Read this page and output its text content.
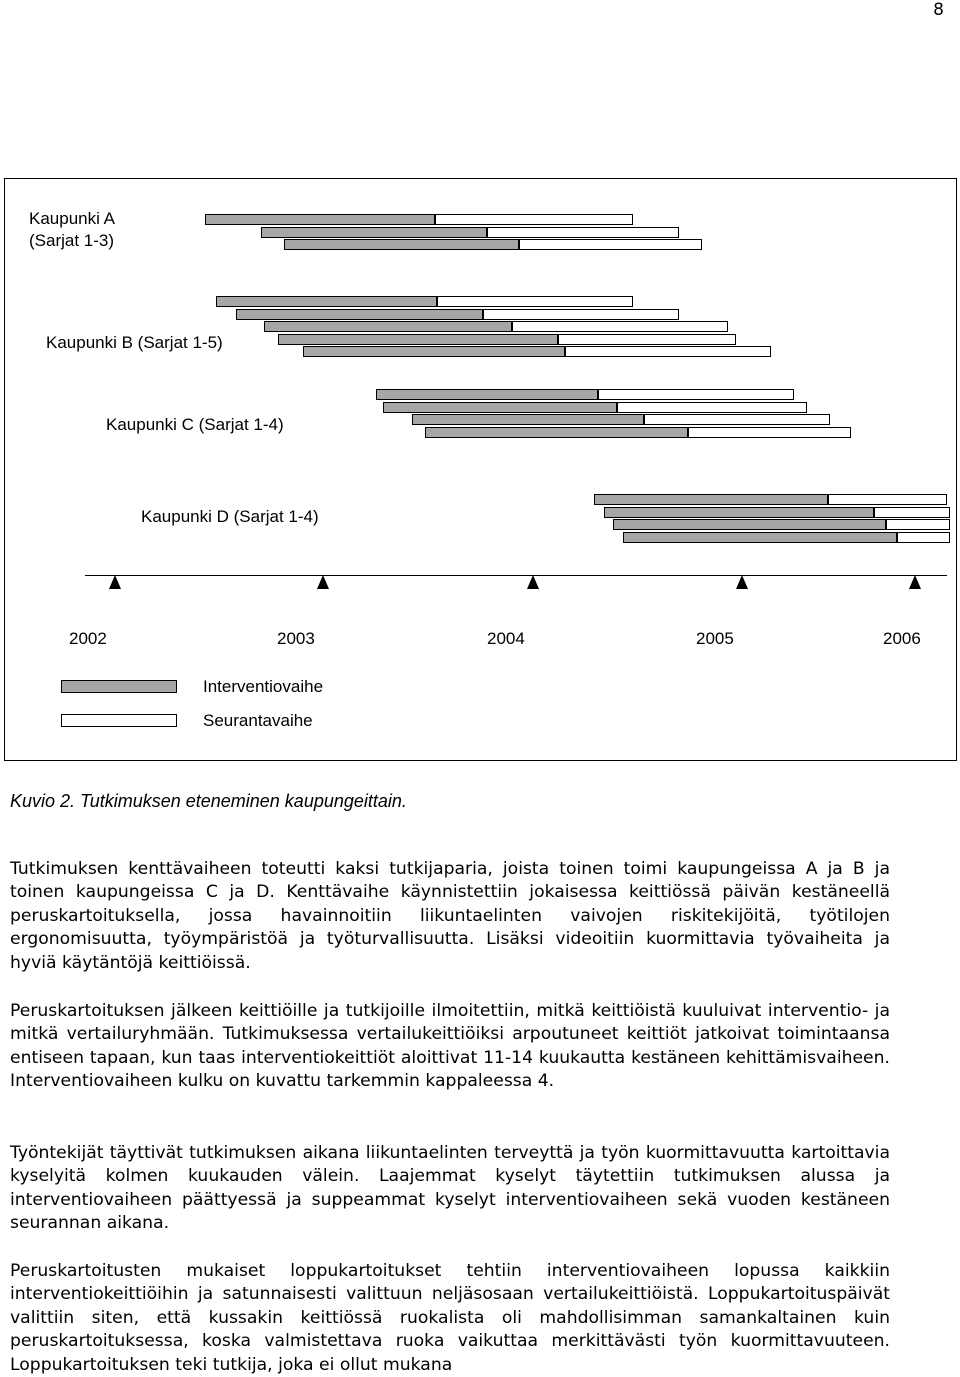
8
Kaupunki A
(Sarjat 1-3)
Kaupunki B (Sarjat 1-5)
Kaupunki C (Sarjat 1-4)
Kaupunki D (Sarjat 1-4)
2002	2003	2004	2005	2006
Interventiovaihe
Seurantavaihe
Kuvio 2. Tutkimuksen eteneminen kaupungeittain.

Tutkimuksen kenttävaiheen toteutti kaksi tutkijaparia, joista toinen toimi kaupungeissa A ja B ja toinen kaupungeissa C ja D. Kenttävaihe käynnistettiin jokaisessa keittiössä päivän kestäneellä peruskartoituksella, jossa havainnoitiin liikuntaelinten vaivojen riskitekijöitä, työtilojen ergonomisuutta, työympäristöä ja työturvallisuutta. Lisäksi videoitiin kuormittavia työvaiheita ja hyviä käytäntöjä keittiöissä.

Peruskartoituksen jälkeen keittiöille ja tutkijoille ilmoitettiin, mitkä keittiöistä kuuluivat interventio- ja mitkä vertailuryhmään. Tutkimuksessa vertailukeittiöiksi arpoutuneet keittiöt jatkoivat toimintaansa entiseen tapaan, kun taas interventiokeittiöt aloittivat 11-14 kuukautta kestäneen kehittämisvaiheen. Interventiovaiheen kulku on kuvattu tarkemmin kappaleessa 4.

Työntekijät täyttivät tutkimuksen aikana liikuntaelinten terveyttä ja työn kuormittavuutta kartoittavia kyselyitä kolmen kuukauden välein. Laajemmat kyselyt täytettiin tutkimuksen alussa ja interventiovaiheen päättyessä ja suppeammat kyselyt interventiovaiheen sekä vuoden kestäneen seurannan aikana.

Peruskartoitusten mukaiset loppukartoitukset tehtiin interventiovaiheen lopussa kaikkiin interventiokeittiöihin ja satunnaisesti valittuun neljäsosaan vertailukeittiöistä. Loppukartoituspäivät valittiin siten, että kussakin keittiössä ruokalista oli mahdollisimman samankaltainen kuin peruskartoituksessa, koska valmistettava ruoka vaikuttaa merkittävästi työn kuormittavuuteen. Loppukartoituksen teki tutkija, joka ei ollut mukana
